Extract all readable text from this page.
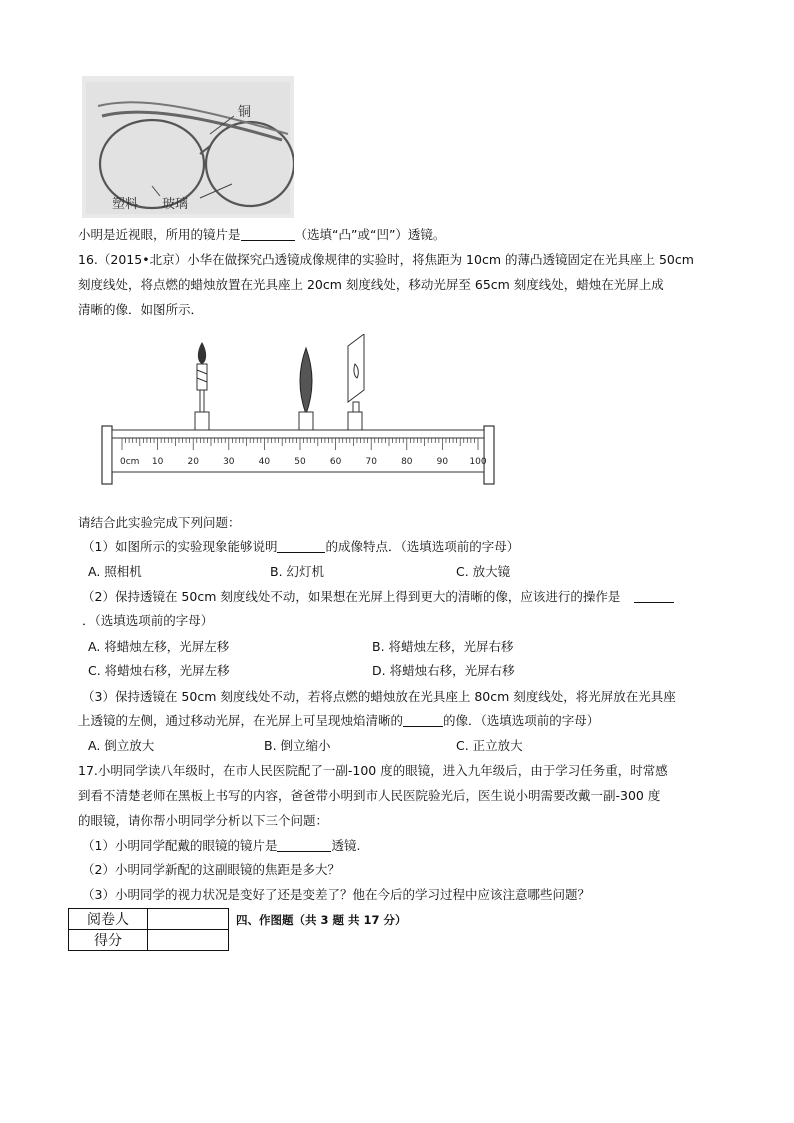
铜
塑料 玻璃
小明是近视眼，所用的镜片是	（选填“凸”或“凹”）透镜。
16.（2015•北京）小华在做探究凸透镜成像规律的实验时，将焦距为 10cm 的薄凸透镜固定在光具座上 50cm
刻度线处，将点燃的蜡烛放置在光具座上 20cm 刻度线处，移动光屏至 65cm 刻度线处，蜡烛在光屏上成
清晰的像．如图所示．
0cm 10	20	30	40	50	60	70	80	90 100
请结合此实验完成下列问题：
（1）如图所示的实验现象能够说明	的成像特点．（选填选项前的字母）
A. 照相机	B. 幻灯机	C. 放大镜
（2）保持透镜在 50cm 刻度线处不动，如果想在光屏上得到更大的清晰的像，应该进行的操作是
．（选填选项前的字母）
A. 将蜡烛左移，光屏左移	B. 将蜡烛左移，光屏右移
C. 将蜡烛右移，光屏左移	D. 将蜡烛右移，光屏右移
（3）保持透镜在 50cm 刻度线处不动，若将点燃的蜡烛放在光具座上 80cm 刻度线处，将光屏放在光具座
上透镜的左侧，通过移动光屏，在光屏上可呈现烛焰清晰的	的像．（选填选项前的字母）
A. 倒立放大	B. 倒立缩小	C. 正立放大
17.小明同学读八年级时，在市人民医院配了一副-100 度的眼镜，进入九年级后，由于学习任务重，时常感
到看不清楚老师在黑板上书写的内容，爸爸带小明到市人民医院验光后，医生说小明需要改戴一副-300 度
的眼镜，请你帮小明同学分析以下三个问题：
（1）小明同学配戴的眼镜的镜片是	透镜.
（2）小明同学新配的这副眼镜的焦距是多大？
（3）小明同学的视力状况是变好了还是变差了？他在今后的学习过程中应该注意哪些问题？
阅卷人	
得分	
四、作图题（共 3 题 共 17 分）
